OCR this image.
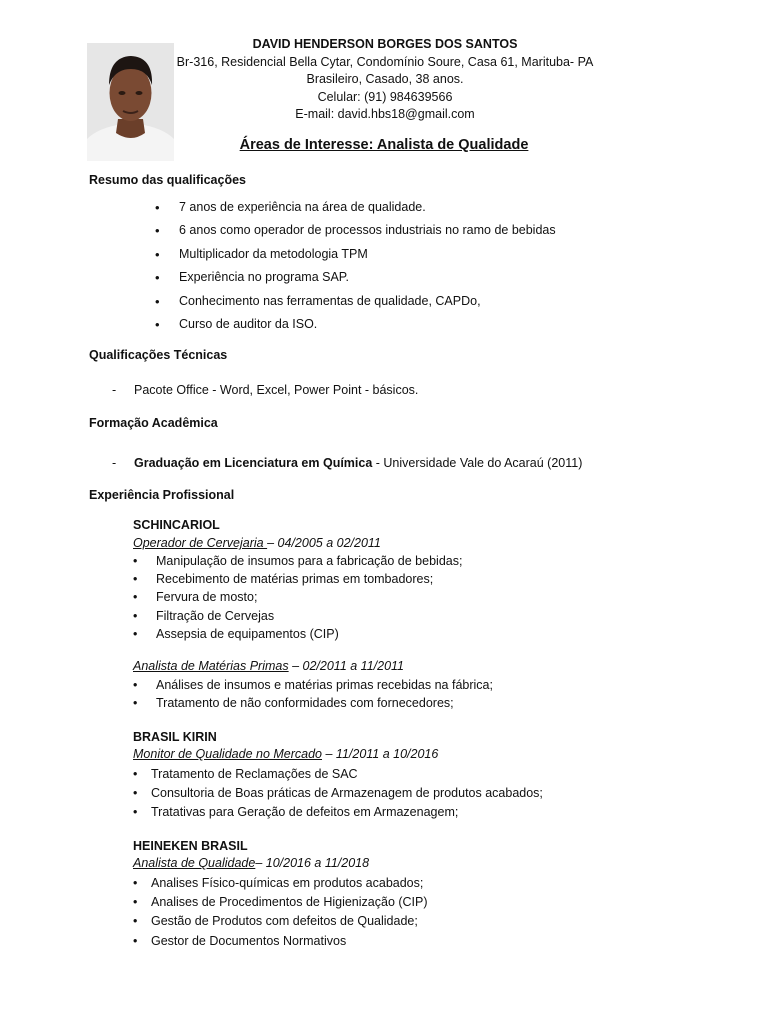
DAVID HENDERSON BORGES DOS SANTOS
Br-316, Residencial Bella Cytar, Condomínio Soure, Casa 61, Marituba- PA
Brasileiro, Casado, 38 anos.
Celular: (91) 984639566
E-mail: david.hbs18@gmail.com
Áreas de Interesse: Analista de Qualidade
Resumo das qualificações
• 7 anos de experiência na área de qualidade.
• 6 anos como operador de processos industriais no ramo de bebidas
• Multiplicador da metodologia TPM
• Experiência no programa SAP.
• Conhecimento nas ferramentas de qualidade, CAPDo,
• Curso de auditor da ISO.
Qualificações Técnicas
- Pacote Office - Word, Excel, Power Point - básicos.
Formação Acadêmica
- Graduação em Licenciatura em Química - Universidade Vale do Acaraú (2011)
Experiência Profissional
SCHINCARIOL
Operador de Cervejaria – 04/2005 a 02/2011
• Manipulação de insumos para a fabricação de bebidas;
• Recebimento de matérias primas em tombadores;
• Fervura de mosto;
• Filtração de Cervejas
• Assepsia de equipamentos (CIP)
Analista de Matérias Primas – 02/2011 a 11/2011
• Análises de insumos e matérias primas recebidas na fábrica;
• Tratamento de não conformidades com fornecedores;
BRASIL KIRIN
Monitor de Qualidade no Mercado – 11/2011 a 10/2016
• Tratamento de Reclamações de SAC
• Consultoria de Boas práticas de Armazenagem de produtos acabados;
• Tratativas para Geração de defeitos em Armazenagem;
HEINEKEN BRASIL
Analista de Qualidade– 10/2016 a 11/2018
• Analises Físico-químicas em produtos acabados;
• Analises de Procedimentos de Higienização (CIP)
• Gestão de Produtos com defeitos de Qualidade;
• Gestor de Documentos Normativos
